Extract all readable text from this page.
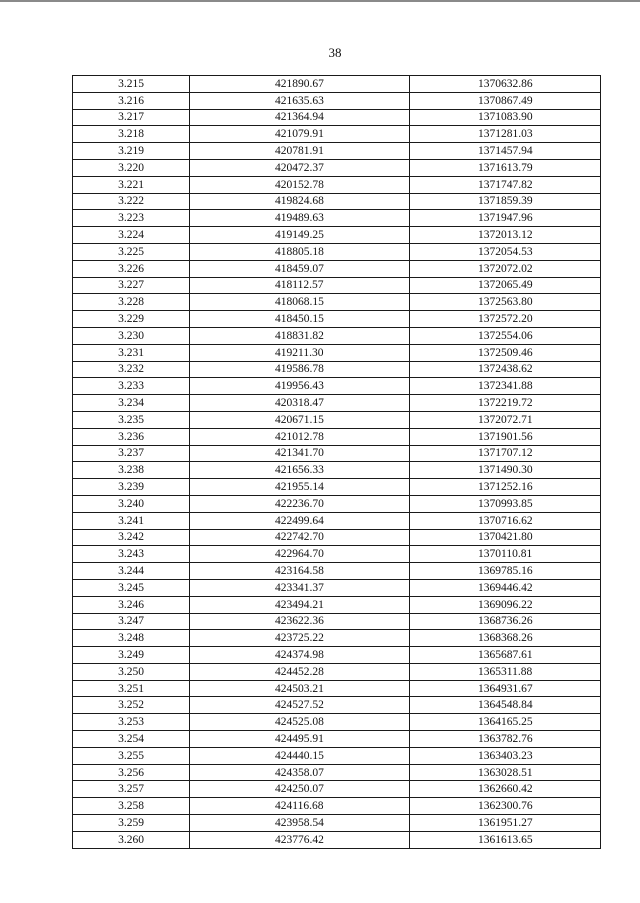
38
3.215	421890.67	1370632.86
3.216	421635.63	1370867.49
3.217	421364.94	1371083.90
3.218	421079.91	1371281.03
3.219	420781.91	1371457.94
3.220	420472.37	1371613.79
3.221	420152.78	1371747.82
3.222	419824.68	1371859.39
3.223	419489.63	1371947.96
3.224	419149.25	1372013.12
3.225	418805.18	1372054.53
3.226	418459.07	1372072.02
3.227	418112.57	1372065.49
3.228	418068.15	1372563.80
3.229	418450.15	1372572.20
3.230	418831.82	1372554.06
3.231	419211.30	1372509.46
3.232	419586.78	1372438.62
3.233	419956.43	1372341.88
3.234	420318.47	1372219.72
3.235	420671.15	1372072.71
3.236	421012.78	1371901.56
3.237	421341.70	1371707.12
3.238	421656.33	1371490.30
3.239	421955.14	1371252.16
3.240	422236.70	1370993.85
3.241	422499.64	1370716.62
3.242	422742.70	1370421.80
3.243	422964.70	1370110.81
3.244	423164.58	1369785.16
3.245	423341.37	1369446.42
3.246	423494.21	1369096.22
3.247	423622.36	1368736.26
3.248	423725.22	1368368.26
3.249	424374.98	1365687.61
3.250	424452.28	1365311.88
3.251	424503.21	1364931.67
3.252	424527.52	1364548.84
3.253	424525.08	1364165.25
3.254	424495.91	1363782.76
3.255	424440.15	1363403.23
3.256	424358.07	1363028.51
3.257	424250.07	1362660.42
3.258	424116.68	1362300.76
3.259	423958.54	1361951.27
3.260	423776.42	1361613.65
